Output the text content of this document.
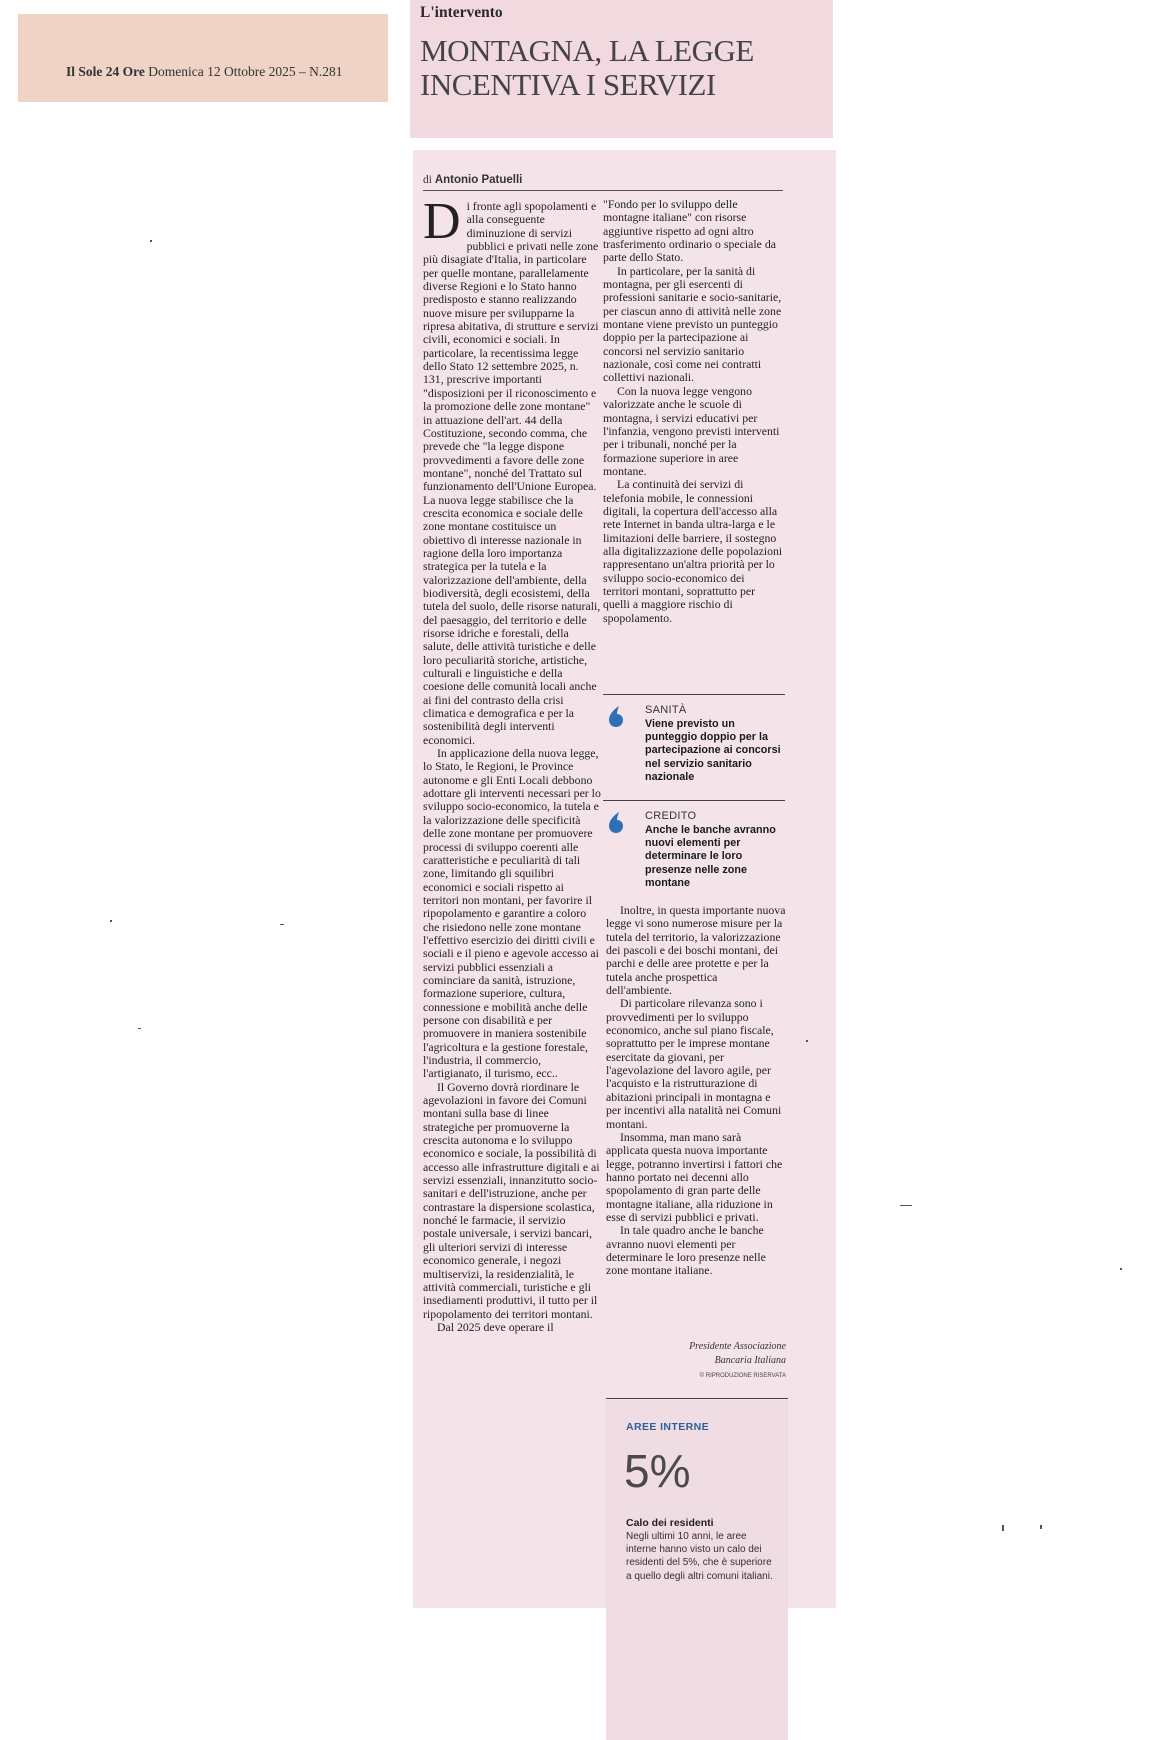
Il Sole 24 Ore Domenica 12 Ottobre 2025 – N.281
L'intervento
MONTAGNA, LA LEGGE INCENTIVA I SERVIZI
di Antonio Patuelli

Di fronte agli spopolamenti e alla conseguente diminuzione di servizi pubblici e privati nelle zone più disagiate d'Italia, in particolare per quelle montane, parallelamente diverse Regioni e lo Stato hanno predisposto e stanno realizzando nuove misure per svilupparne la ripresa abitativa, di strutture e servizi civili, economici e sociali. In particolare, la recentissima legge dello Stato 12 settembre 2025, n. 131, prescrive importanti "disposizioni per il riconoscimento e la promozione delle zone montane" in attuazione dell'art. 44 della Costituzione, secondo comma, che prevede che "la legge dispone provvedimenti a favore delle zone montane", nonché del Trattato sul funzionamento dell'Unione Europea. La nuova legge stabilisce che la crescita economica e sociale delle zone montane costituisce un obiettivo di interesse nazionale in ragione della loro importanza strategica per la tutela e la valorizzazione dell'ambiente, della biodiversità, degli ecosistemi, della tutela del suolo, delle risorse naturali, del paesaggio, del territorio e delle risorse idriche e forestali, della salute, delle attività turistiche e delle loro peculiarità storiche, artistiche, culturali e linguistiche e della coesione delle comunità locali anche ai fini del contrasto della crisi climatica e demografica e per la sostenibilità degli interventi economici.

In applicazione della nuova legge, lo Stato, le Regioni, le Province autonome e gli Enti Locali debbono adottare gli interventi necessari per lo sviluppo socio-economico, la tutela e la valorizzazione delle specificità delle zone montane per promuovere processi di sviluppo coerenti alle caratteristiche e peculiarità di tali zone, limitando gli squilibri economici e sociali rispetto ai territori non montani, per favorire il ripopolamento e garantire a coloro che risiedono nelle zone montane l'effettivo esercizio dei diritti civili e sociali e il pieno e agevole accesso ai servizi pubblici essenziali a cominciare da sanità, istruzione, formazione superiore, cultura, connessione e mobilità anche delle persone con disabilità e per promuovere in maniera sostenibile l'agricoltura e la gestione forestale, l'industria, il commercio, l'artigianato, il turismo, ecc..

Il Governo dovrà riordinare le agevolazioni in favore dei Comuni montani sulla base di linee strategiche per promuoverne la crescita autonoma e lo sviluppo economico e sociale, la possibilità di accesso alle infrastrutture digitali e ai servizi essenziali, innanzitutto socio-sanitari e dell'istruzione, anche per contrastare la dispersione scolastica, nonché le farmacie, il servizio postale universale, i servizi bancari, gli ulteriori servizi di interesse economico generale, i negozi multiservizi, la residenzialità, le attività commerciali, turistiche e gli insediamenti produttivi, il tutto per il ripopolamento dei territori montani.

Dal 2025 deve operare il

"Fondo per lo sviluppo delle montagne italiane" con risorse aggiuntive rispetto ad ogni altro trasferimento ordinario o speciale da parte dello Stato.

In particolare, per la sanità di montagna, per gli esercenti di professioni sanitarie e socio-sanitarie, per ciascun anno di attività nelle zone montane viene previsto un punteggio doppio per la partecipazione ai concorsi nel servizio sanitario nazionale, così come nei contratti collettivi nazionali.

Con la nuova legge vengono valorizzate anche le scuole di montagna, i servizi educativi per l'infanzia, vengono previsti interventi per i tribunali, nonché per la formazione superiore in aree montane.

La continuità dei servizi di telefonia mobile, le connessioni digitali, la copertura dell'accesso alla rete Internet in banda ultra-larga e le limitazioni delle barriere, il sostegno alla digitalizzazione delle popolazioni rappresentano un'altra priorità per lo sviluppo socio-economico dei territori montani, soprattutto per quelli a maggiore rischio di spopolamento.

SANITÀ
Viene previsto un punteggio doppio per la partecipazione ai concorsi nel servizio sanitario nazionale
CREDITO
Anche le banche avranno nuovi elementi per determinare le loro presenze nelle zone montane

Inoltre, in questa importante nuova legge vi sono numerose misure per la tutela del territorio, la valorizzazione dei pascoli e dei boschi montani, dei parchi e delle aree protette e per la tutela anche prospettica dell'ambiente.

Di particolare rilevanza sono i provvedimenti per lo sviluppo economico, anche sul piano fiscale, soprattutto per le imprese montane esercitate da giovani, per l'agevolazione del lavoro agile, per l'acquisto e la ristrutturazione di abitazioni principali in montagna e per incentivi alla natalità nei Comuni montani.

Insomma, man mano sarà applicata questa nuova importante legge, potranno invertirsi i fattori che hanno portato nei decenni allo spopolamento di gran parte delle montagne italiane, alla riduzione in esse di servizi pubblici e privati.

In tale quadro anche le banche avranno nuovi elementi per determinare le loro presenze nelle zone montane italiane.

Presidente Associazione
Bancaria Italiana
© RIPRODUZIONE RISERVATA
AREE INTERNE
5%
Calo dei residenti
Negli ultimi 10 anni, le aree interne hanno visto un calo dei residenti del 5%, che è superiore a quello degli altri comuni italiani.
